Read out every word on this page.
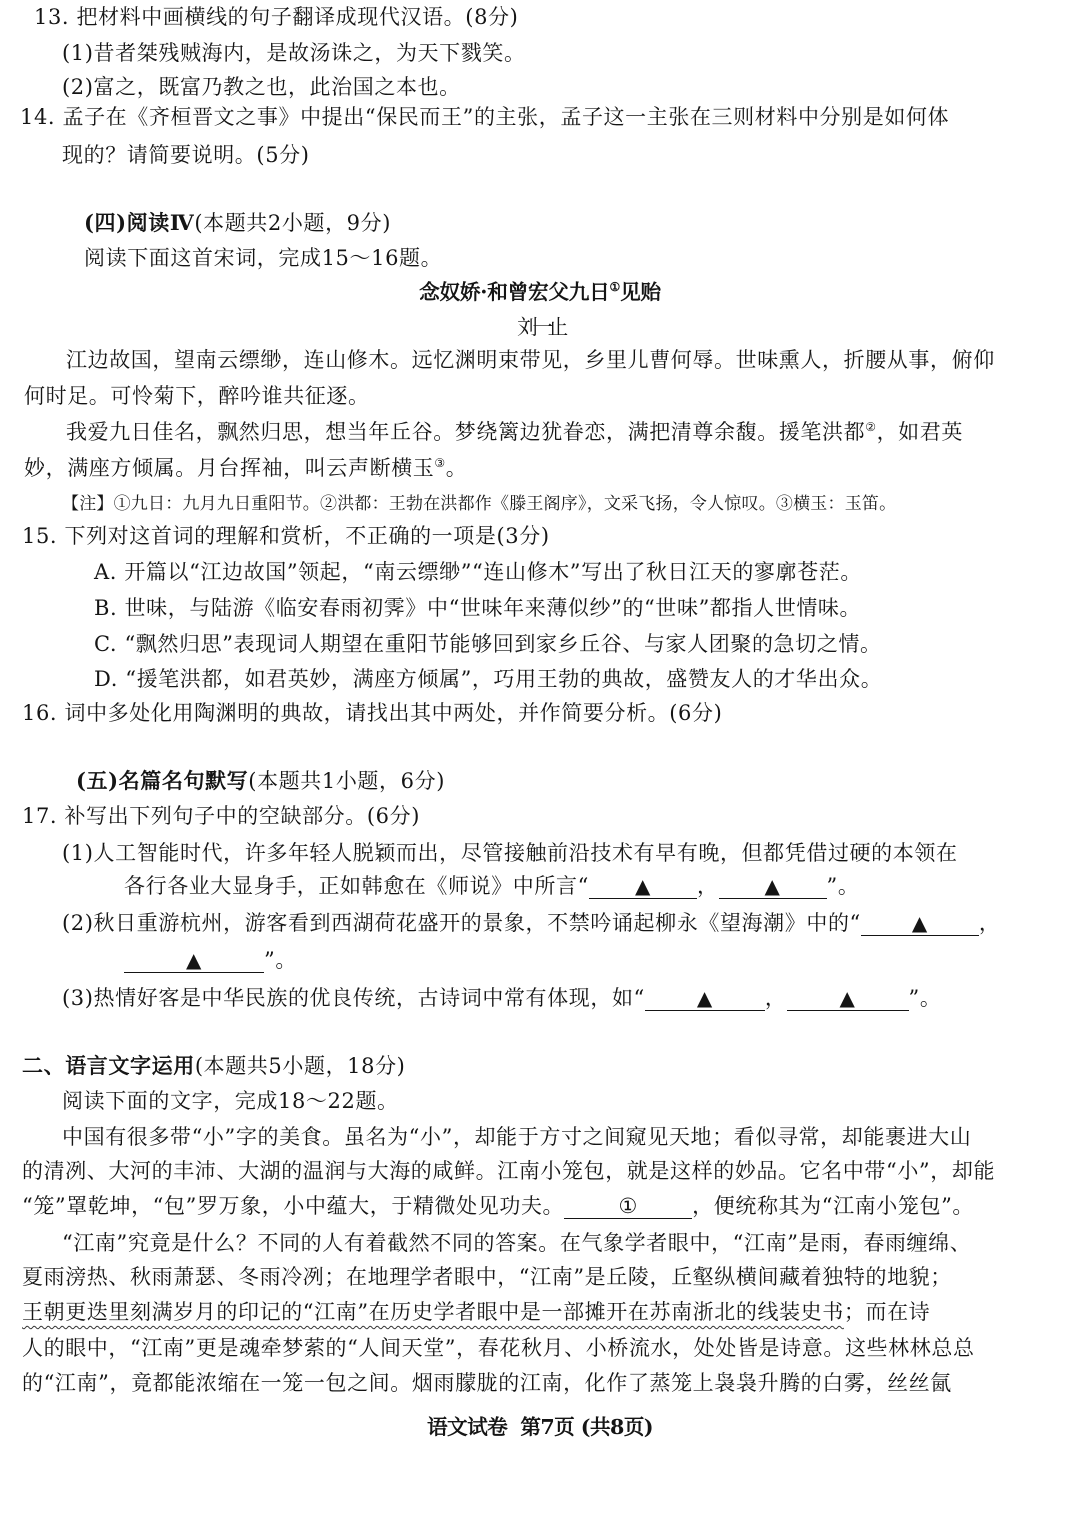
13. 把材料中画横线的句子翻译成现代汉语。(8分)
(1)昔者桀残贼海内，是故汤诛之，为天下戮笑。
(2)富之，既富乃教之也，此治国之本也。
14. 孟子在《齐桓晋文之事》中提出“保民而王”的主张，孟子这一主张在三则材料中分别是如何体
现的？请简要说明。(5分)
(四)阅读Ⅳ(本题共2小题，9分)
阅读下面这首宋词，完成15～16题。
念奴娇·和曾宏父九日①见贻
刘一止
江边故国，望南云缥缈，连山修木。远忆渊明束带见，乡里儿曹何辱。世味熏人，折腰从事，俯仰
何时足。可怜菊下，醉吟谁共征逐。
我爱九日佳名，飘然归思，想当年丘谷。梦绕篱边犹眷恋，满把清尊余馥。援笔洪都②，如君英
妙，满座方倾属。月台挥袖，叫云声断横玉③。
【注】①九日：九月九日重阳节。②洪都：王勃在洪都作《滕王阁序》，文采飞扬，令人惊叹。③横玉：玉笛。
15. 下列对这首词的理解和赏析，不正确的一项是(3分)
A. 开篇以“江边故国”领起，“南云缥缈”“连山修木”写出了秋日江天的寥廓苍茫。
B. 世味，与陆游《临安春雨初霁》中“世味年来薄似纱”的“世味”都指人世情味。
C. “飘然归思”表现词人期望在重阳节能够回到家乡丘谷、与家人团聚的急切之情。
D. “援笔洪都，如君英妙，满座方倾属”，巧用王勃的典故，盛赞友人的才华出众。
16. 词中多处化用陶渊明的典故，请找出其中两处，并作简要分析。(6分)
(五)名篇名句默写(本题共1小题，6分)
17. 补写出下列句子中的空缺部分。(6分)
(1)人工智能时代，许多年轻人脱颖而出，尽管接触前沿技术有早有晚，但都凭借过硬的本领在
各行各业大显身手，正如韩愈在《师说》中所言“ ▲ ， ▲ ”。
(2)秋日重游杭州，游客看到西湖荷花盛开的景象，不禁吟诵起柳永《望海潮》中的“	▲ ，
▲	”。
(3)热情好客是中华民族的优良传统，古诗词中常有体现，如“	▲ ，	▲	”。
二、语言文字运用(本题共5小题，18分)
阅读下面的文字，完成18～22题。
中国有很多带“小”字的美食。虽名为“小”，却能于方寸之间窥见天地；看似寻常，却能裹进大山
的清冽、大河的丰沛、大湖的温润与大海的咸鲜。江南小笼包，就是这样的妙品。它名中带“小”，却能
“笼”罩乾坤，“包”罗万象，小中蕴大，于精微处见功夫。	①	，便统称其为“江南小笼包”。
“江南”究竟是什么？不同的人有着截然不同的答案。在气象学者眼中，“江南”是雨，春雨缠绵、
夏雨滂热、秋雨萧瑟、冬雨冷冽；在地理学者眼中，“江南”是丘陵，丘壑纵横间藏着独特的地貌；
王朝更迭里刻满岁月的印记的“江南”在历史学者眼中是一部摊开在苏南浙北的线装史书；而在诗
人的眼中，“江南”更是魂牵梦萦的“人间天堂”，春花秋月、小桥流水，处处皆是诗意。这些林林总总
的“江南”，竟都能浓缩在一笼一包之间。烟雨朦胧的江南，化作了蒸笼上袅袅升腾的白雾，丝丝氤
语文试卷  第7页 (共8页)
